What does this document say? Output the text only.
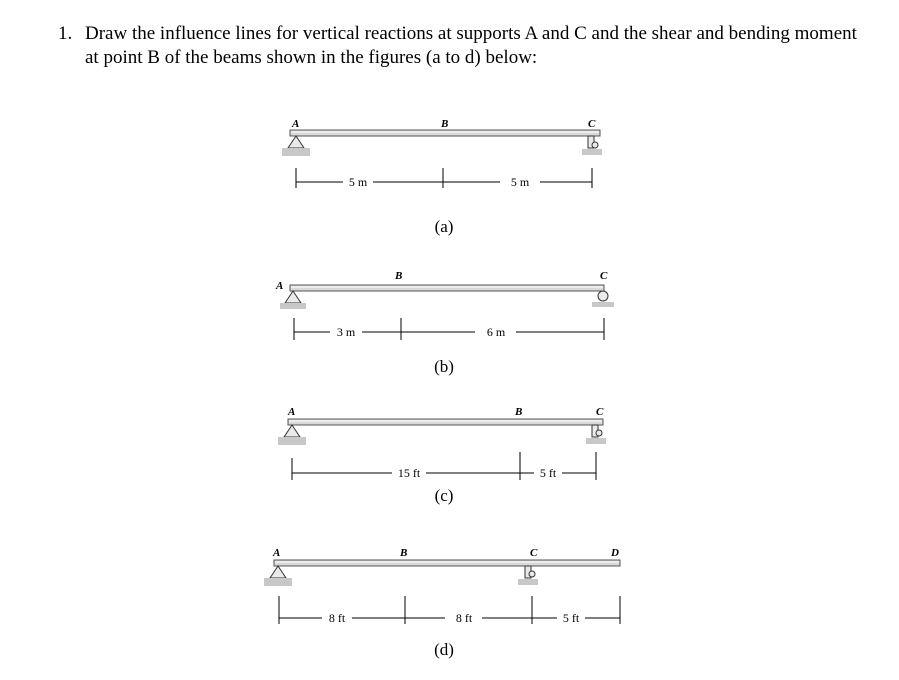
1. Draw the influence lines for vertical reactions at supports A and C and the shear and bending moment at point B of the beams shown in the figures (a to d) below:
A	B	C
5 m	5 m
(a)
A
B	C
3 m	6 m
(b)
A	B	C
15 ft	5 ft
(c)
A	B	C	D
8 ft	8 ft	5 ft
(d)
